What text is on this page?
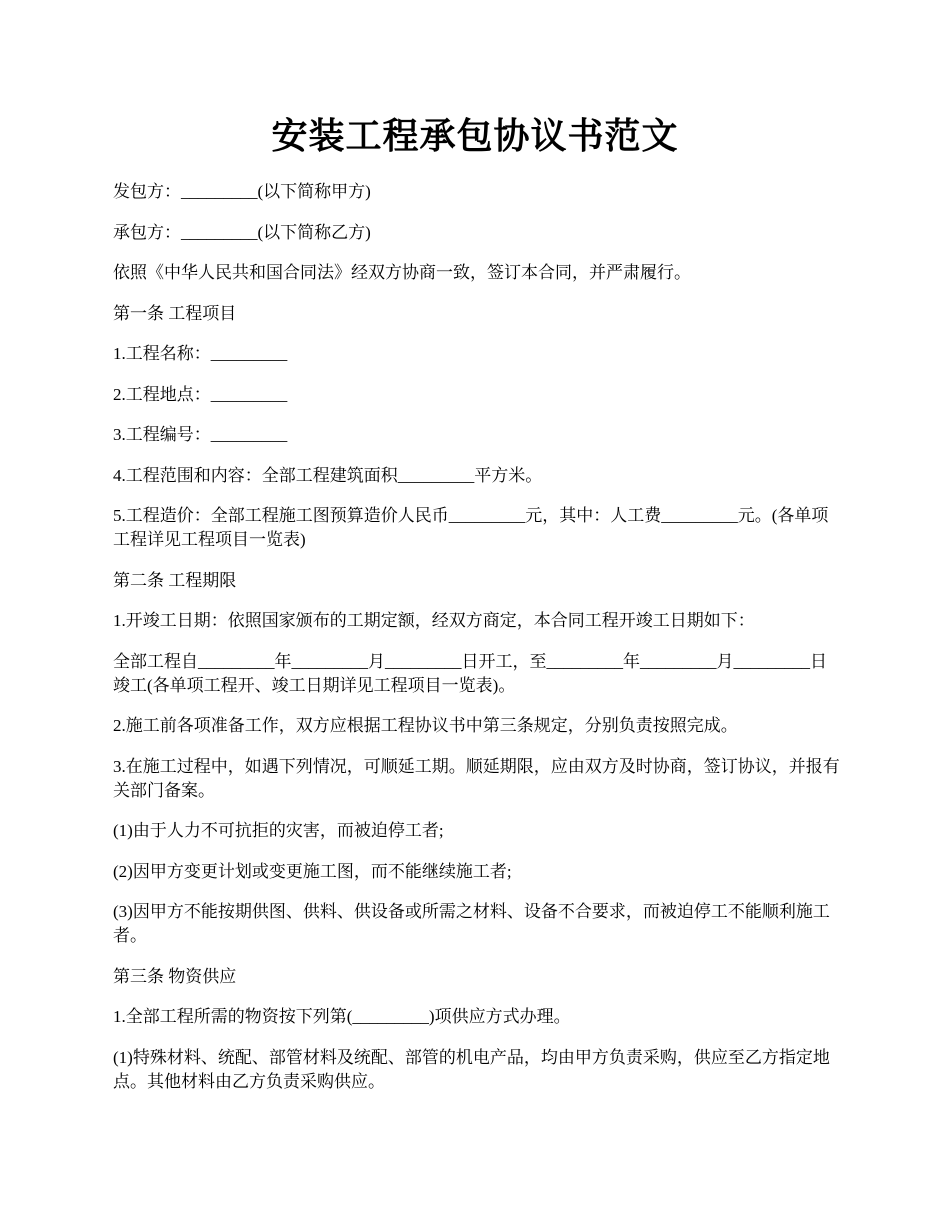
安装工程承包协议书范文

发包方：_________(以下简称甲方)

承包方：_________(以下简称乙方)

依照《中华人民共和国合同法》经双方协商一致，签订本合同，并严肃履行。

第一条 工程项目

1.工程名称：_________

2.工程地点：_________

3.工程编号：_________

4.工程范围和内容：全部工程建筑面积_________平方米。

5.工程造价：全部工程施工图预算造价人民币_________元，其中：人工费_________元。(各单项工程详见工程项目一览表)

第二条 工程期限

1.开竣工日期：依照国家颁布的工期定额，经双方商定，本合同工程开竣工日期如下：

全部工程自_________年_________月_________日开工，至_________年_________月_________日竣工(各单项工程开、竣工日期详见工程项目一览表)。

2.施工前各项准备工作，双方应根据工程协议书中第三条规定，分别负责按照完成。

3.在施工过程中，如遇下列情况，可顺延工期。顺延期限，应由双方及时协商，签订协议，并报有关部门备案。

(1)由于人力不可抗拒的灾害，而被迫停工者;

(2)因甲方变更计划或变更施工图，而不能继续施工者;

(3)因甲方不能按期供图、供料、供设备或所需之材料、设备不合要求，而被迫停工不能顺利施工者。

第三条 物资供应

1.全部工程所需的物资按下列第(_________)项供应方式办理。

(1)特殊材料、统配、部管材料及统配、部管的机电产品，均由甲方负责采购，供应至乙方指定地点。其他材料由乙方负责采购供应。
